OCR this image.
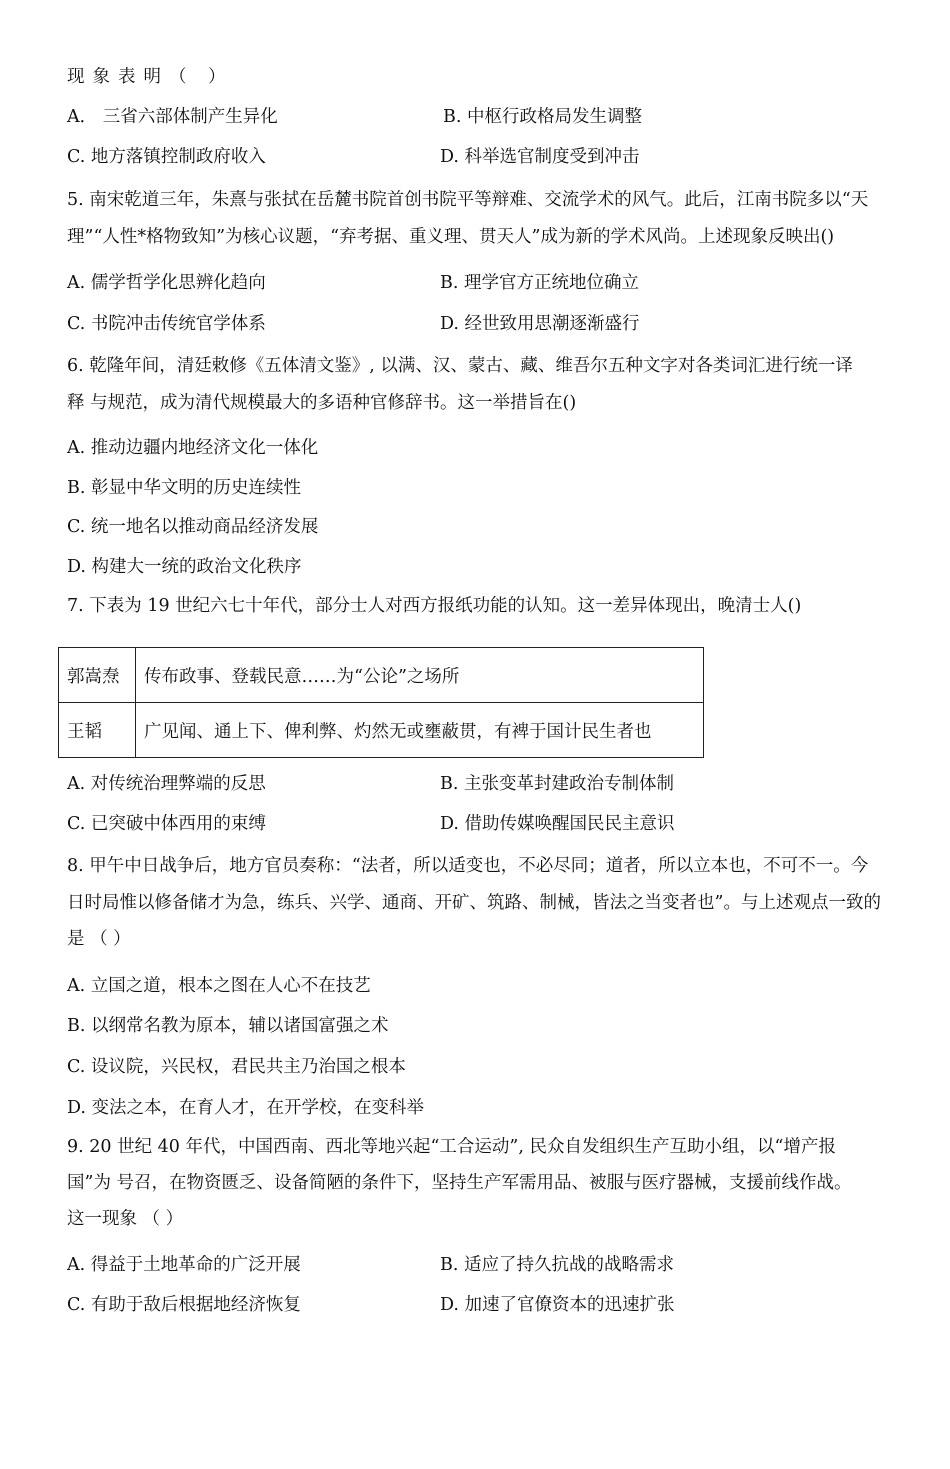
现象表明（ ）
A． 三省六部体制产生异化	B. 中枢行政格局发生调整
C. 地方落镇控制政府收入	D. 科举选官制度受到冲击
5. 南宋乾道三年，朱熹与张拭在岳麓书院首创书院平等辩难、交流学术的风气。此后，江南书院多以“天
理”“人性*格物致知”为核心议题，“弃考据、重义理、贯天人”成为新的学术风尚。上述现象反映出()
A. 儒学哲学化思辨化趋向	B. 理学官方正统地位确立
C. 书院冲击传统官学体系	D. 经世致用思潮逐渐盛行
6. 乾隆年间，清廷敕修《五体清文鉴》, 以满、汉、蒙古、藏、维吾尔五种文字对各类词汇进行统一译
释 与规范，成为清代规模最大的多语种官修辞书。这一举措旨在()
A. 推动边疆内地经济文化一体化
B. 彰显中华文明的历史连续性
C. 统一地名以推动商品经济发展
D. 构建大一统的政治文化秩序
7. 下表为 19 世纪六七十年代，部分士人对西方报纸功能的认知。这一差异体现出，晚清士人()
郭嵩焘	传布政事、登载民意……为“公论”之场所
王韬	广见闻、通上下、俾利弊、灼然无或壅蔽贯，有裨于国计民生者也
A. 对传统治理弊端的反思	B. 主张变革封建政治专制体制
C. 已突破中体西用的束缚	D. 借助传媒唤醒国民民主意识
8. 甲午中日战争后，地方官员奏称：“法者，所以适变也，不必尽同；道者，所以立本也，不可不一。今
日时局惟以修备储才为急，练兵、兴学、通商、开矿、筑路、制械，皆法之当变者也”。与上述观点一致的
是 （ ）
A. 立国之道，根本之图在人心不在技艺
B. 以纲常名教为原本，辅以诸国富强之术
C. 设议院，兴民权，君民共主乃治国之根本
D. 变法之本，在育人才，在开学校，在变科举
9. 20 世纪 40 年代，中国西南、西北等地兴起“工合运动”, 民众自发组织生产互助小组，以“增产报
国”为 号召，在物资匮乏、设备简陋的条件下，坚持生产军需用品、被服与医疗器械，支援前线作战。
这一现象 （ ）
A. 得益于土地革命的广泛开展	B. 适应了持久抗战的战略需求
C. 有助于敌后根据地经济恢复	D. 加速了官僚资本的迅速扩张
